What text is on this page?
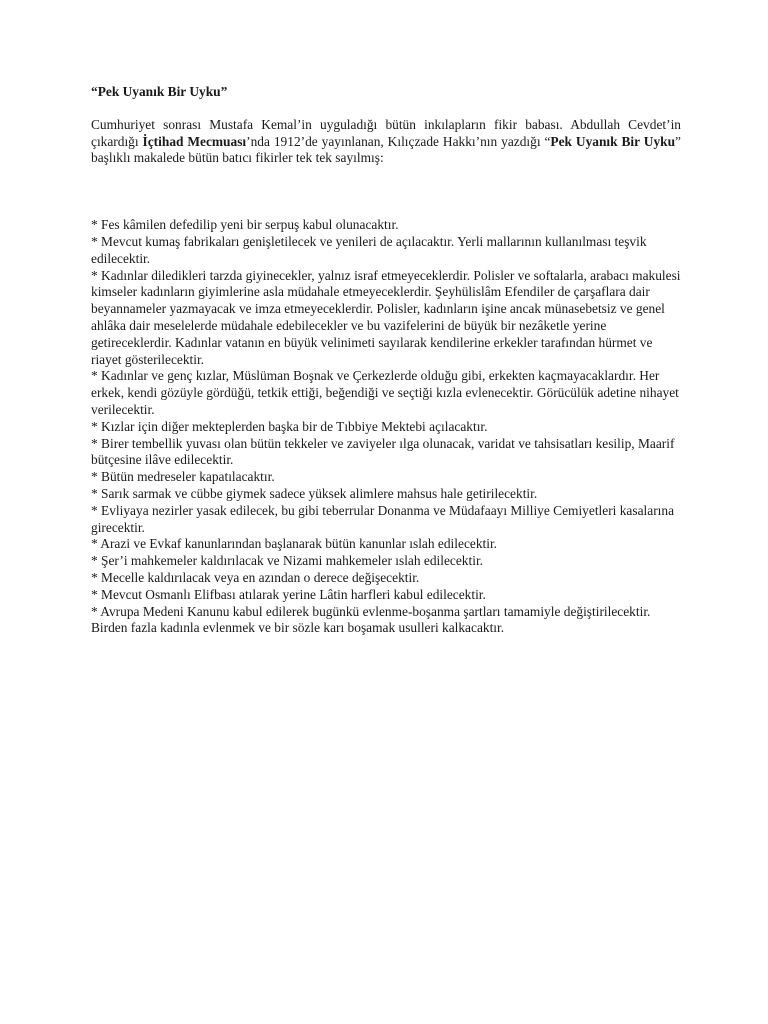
“Pek Uyanık Bir Uyku”

Cumhuriyet sonrası Mustafa Kemal’in uyguladığı bütün inkılapların fikir babası. Abdullah Cevdet’in çıkardığı İçtihad Mecmuası’nda 1912’de yayınlanan, Kılıçzade Hakkı’nın yazdığı “Pek Uyanık Bir Uyku” başlıklı makalede bütün batıcı fikirler tek tek sayılmış:

* Fes kâmilen defedilip yeni bir serpuş kabul olunacaktır.
* Mevcut kumaş fabrikaları genişletilecek ve yenileri de açılacaktır. Yerli mallarının kullanılması teşvik edilecektir.
* Kadınlar diledikleri tarzda giyinecekler, yalnız israf etmeyeceklerdir. Polisler ve softalarla, arabacı makulesi kimseler kadınların giyimlerine asla müdahale etmeyeceklerdir. Şeyhülislâm Efendiler de çarşaflara dair beyannameler yazmayacak ve imza etmeyeceklerdir. Polisler, kadınların işine ancak münasebetsiz ve genel ahlâka dair meselelerde müdahale edebilecekler ve bu vazifelerini de büyük bir nezâketle yerine getireceklerdir. Kadınlar vatanın en büyük velinimeti sayılarak kendilerine erkekler tarafından hürmet ve riayet gösterilecektir.
* Kadınlar ve genç kızlar, Müslüman Boşnak ve Çerkezlerde olduğu gibi, erkekten kaçmayacaklardır. Her erkek, kendi gözüyle gördüğü, tetkik ettiği, beğendiği ve seçtiği kızla evlenecektir. Görücülük adetine nihayet verilecektir.
* Kızlar için diğer mekteplerden başka bir de Tıbbiye Mektebi açılacaktır.
* Birer tembellik yuvası olan bütün tekkeler ve zaviyeler ılga olunacak, varidat ve tahsisatları kesilip, Maarif bütçesine ilâve edilecektir.
* Bütün medreseler kapatılacaktır.
* Sarık sarmak ve cübbe giymek sadece yüksek alimlere mahsus hale getirilecektir.
* Evliyaya nezirler yasak edilecek, bu gibi teberrular Donanma ve Müdafaayı Milliye Cemiyetleri kasalarına girecektir.
* Arazi ve Evkaf kanunlarından başlanarak bütün kanunlar ıslah edilecektir.
* Şer’i mahkemeler kaldırılacak ve Nizami mahkemeler ıslah edilecektir.
* Mecelle kaldırılacak veya en azından o derece değişecektir.
* Mevcut Osmanlı Elifbası atılarak yerine Lâtin harfleri kabul edilecektir.
* Avrupa Medeni Kanunu kabul edilerek bugünkü evlenme-boşanma şartları tamamiyle değiştirilecektir. Birden fazla kadınla evlenmek ve bir sözle karı boşamak usulleri kalkacaktır.
